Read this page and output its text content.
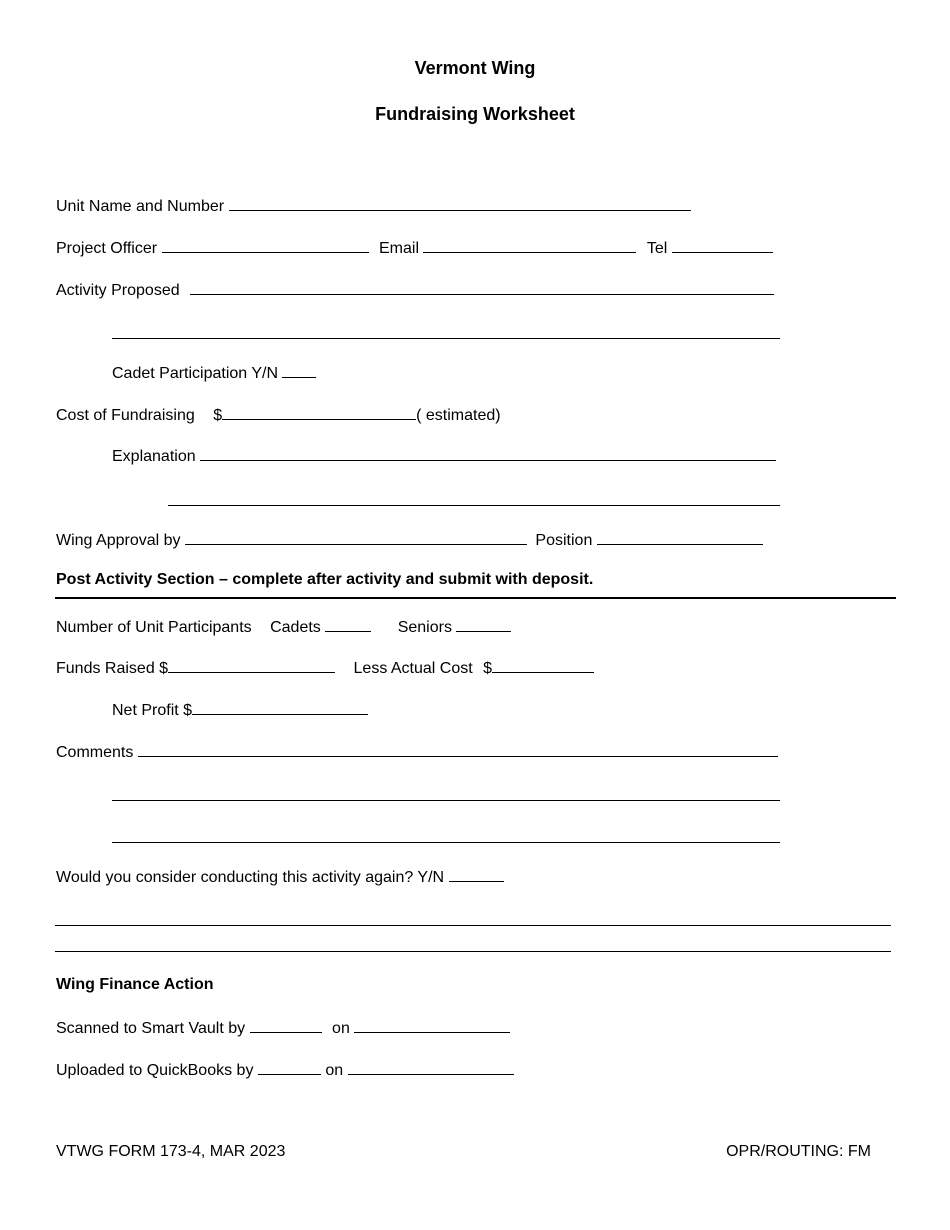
Vermont Wing
Fundraising Worksheet
Unit Name and Number
Project Officer	Email	Tel
Activity Proposed
Cadet Participation Y/N
Cost of Fundraising $	( estimated)
Explanation
Wing Approval by	Position
Post Activity Section – complete after activity and submit with deposit.
Number of Unit Participants Cadets	Seniors
Funds Raised $	Less Actual Cost $
Net Profit $
Comments
Would you consider conducting this activity again? Y/N
Wing Finance Action
Scanned to Smart Vault by	on
Uploaded to QuickBooks by	on
VTWG FORM 173-4, MAR 2023	OPR/ROUTING: FM
